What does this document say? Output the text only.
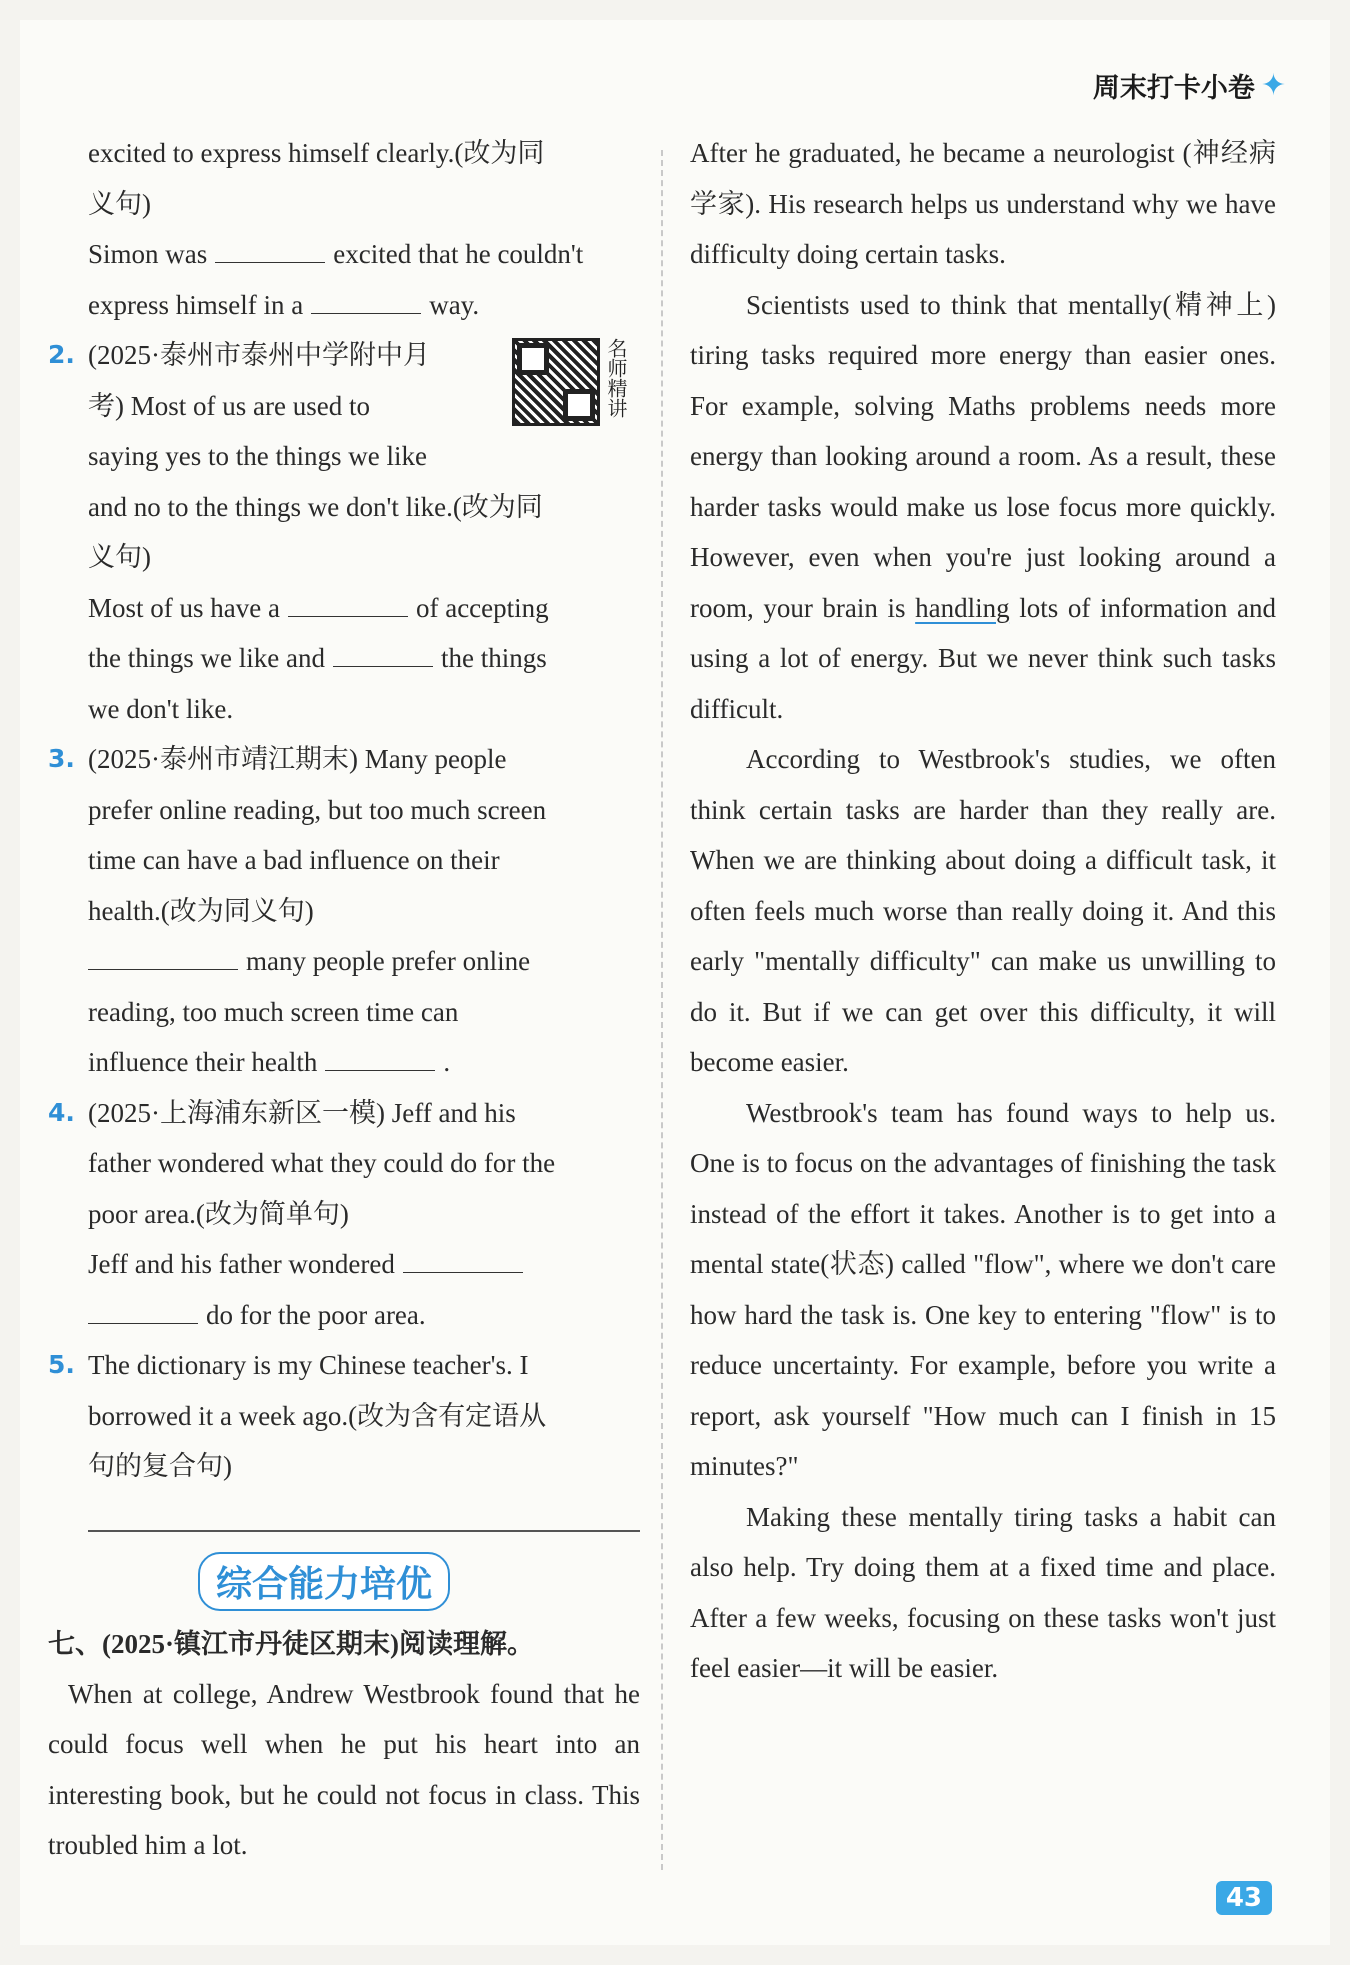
周末打卡小卷 ✦

excited to express himself clearly.(改为同

义句)

Simon was	excited that he couldn't

express himself in a	way.

2.	名师精讲

(2025·泰州市泰州中学附中月

考) Most of us are used to

saying yes to the things we like

and no to the things we don't like.(改为同

义句)

Most of us have a	of accepting

the things we like and	the things

we don't like.

3. (2025·泰州市靖江期末) Many people

prefer online reading, but too much screen

time can have a bad influence on their

health.(改为同义句)

many people prefer online

reading, too much screen time can

influence their health	.

4. (2025·上海浦东新区一模) Jeff and his

father wondered what they could do for the

poor area.(改为简单句)

Jeff and his father wondered

do for the poor area.

5. The dictionary is my Chinese teacher's. I

borrowed it a week ago.(改为含有定语从

句的复合句)

综合能力培优

七、(2025·镇江市丹徒区期末)阅读理解。

When at college, Andrew Westbrook found that he could focus well when he put his heart into an interesting book, but he could not focus in class. This troubled him a lot.

After he graduated, he became a neurologist (神经病学家). His research helps us understand why we have difficulty doing certain tasks.

Scientists used to think that mentally(精神上) tiring tasks required more energy than easier ones. For example, solving Maths problems needs more energy than looking around a room. As a result, these harder tasks would make us lose focus more quickly. However, even when you're just looking around a room, your brain is handling lots of information and using a lot of energy. But we never think such tasks difficult.

According to Westbrook's studies, we often think certain tasks are harder than they really are. When we are thinking about doing a difficult task, it often feels much worse than really doing it. And this early "mentally difficulty" can make us unwilling to do it. But if we can get over this difficulty, it will become easier.

Westbrook's team has found ways to help us. One is to focus on the advantages of finishing the task instead of the effort it takes. Another is to get into a mental state(状态) called "flow", where we don't care how hard the task is. One key to entering "flow" is to reduce uncertainty. For example, before you write a report, ask yourself "How much can I finish in 15 minutes?"

Making these mentally tiring tasks a habit can also help. Try doing them at a fixed time and place. After a few weeks, focusing on these tasks won't just feel easier—it will be easier.

43
